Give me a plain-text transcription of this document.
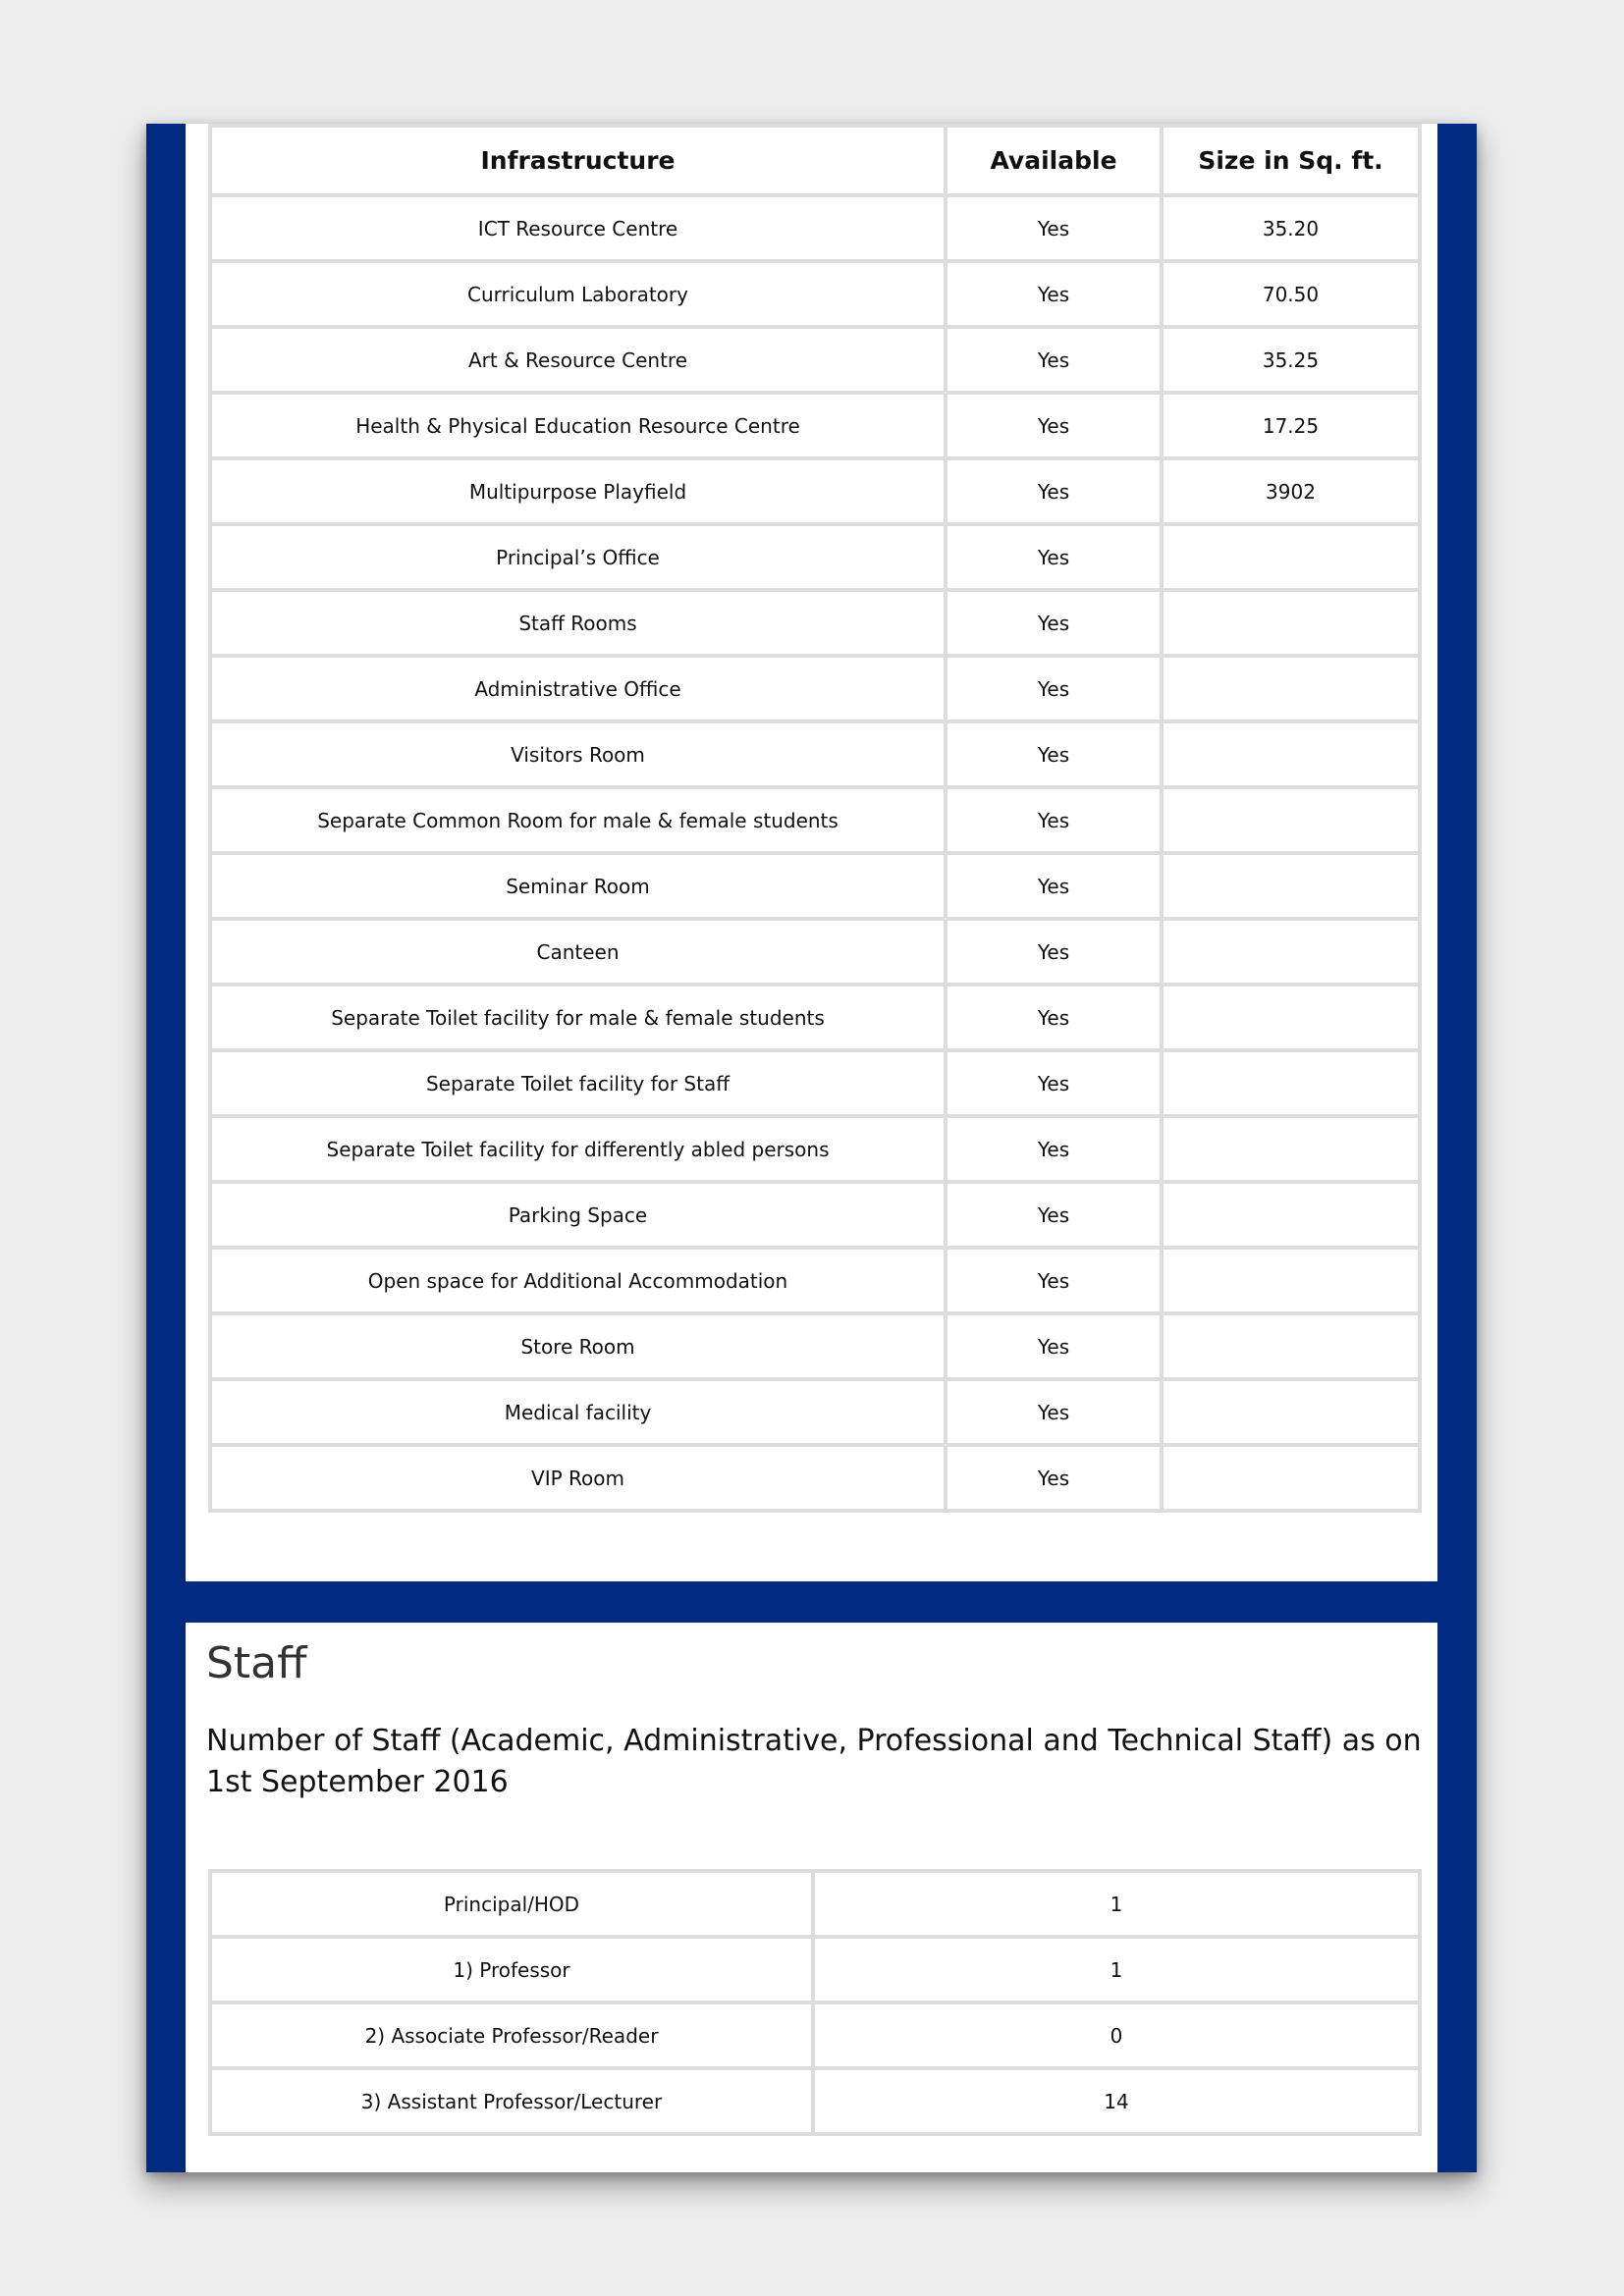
Infrastructure	Available	Size in Sq. ft.
ICT Resource Centre	Yes	35.20
Curriculum Laboratory	Yes	70.50
Art & Resource Centre	Yes	35.25
Health & Physical Education Resource Centre	Yes	17.25
Multipurpose Playfield	Yes	3902
Principal’s Office	Yes	
Staff Rooms	Yes	
Administrative Office	Yes	
Visitors Room	Yes	
Separate Common Room for male & female students	Yes	
Seminar Room	Yes	
Canteen	Yes	
Separate Toilet facility for male & female students	Yes	
Separate Toilet facility for Staff	Yes	
Separate Toilet facility for differently abled persons	Yes	
Parking Space	Yes	
Open space for Additional Accommodation	Yes	
Store Room	Yes	
Medical facility	Yes	
VIP Room	Yes	
Staff

Number of Staff (Academic, Administrative, Professional and Technical Staff) as on 1st September 2016

Principal/HOD	1
1) Professor	1
2) Associate Professor/Reader	0
3) Assistant Professor/Lecturer	14
